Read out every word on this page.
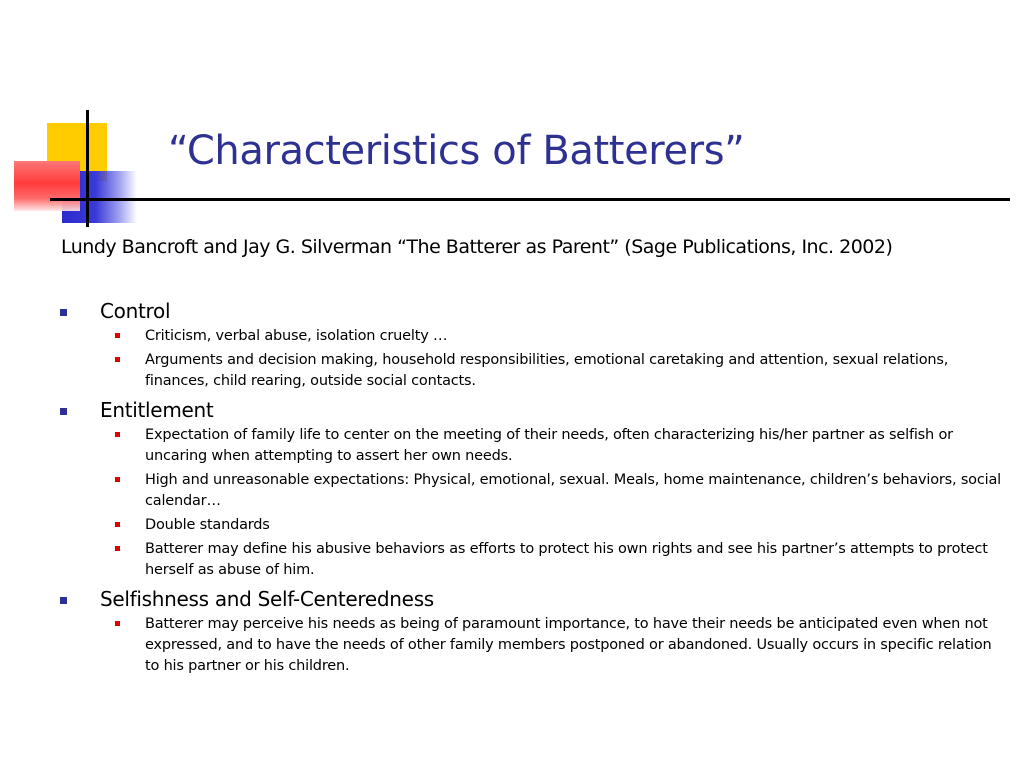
“Characteristics of Batterers”
Lundy Bancroft and Jay G. Silverman “The Batterer as Parent” (Sage Publications, Inc. 2002)
Control
Criticism, verbal abuse, isolation cruelty …
Arguments and decision making, household responsibilities, emotional caretaking and attention, sexual relations, finances, child rearing, outside social contacts.
Entitlement
Expectation of family life to center on the meeting of their needs, often characterizing his/her partner as selfish or uncaring when attempting to assert her own needs.
High and unreasonable expectations: Physical, emotional, sexual. Meals, home maintenance, children’s behaviors, social calendar…
Double standards
Batterer may define his abusive behaviors as efforts to protect his own rights and see his partner’s attempts to protect herself as abuse of him.
Selfishness and Self-Centeredness
Batterer may perceive his needs as being of paramount importance, to have their needs be anticipated even when not expressed, and to have the needs of other family members postponed or abandoned. Usually occurs in specific relation to his partner or his children.
